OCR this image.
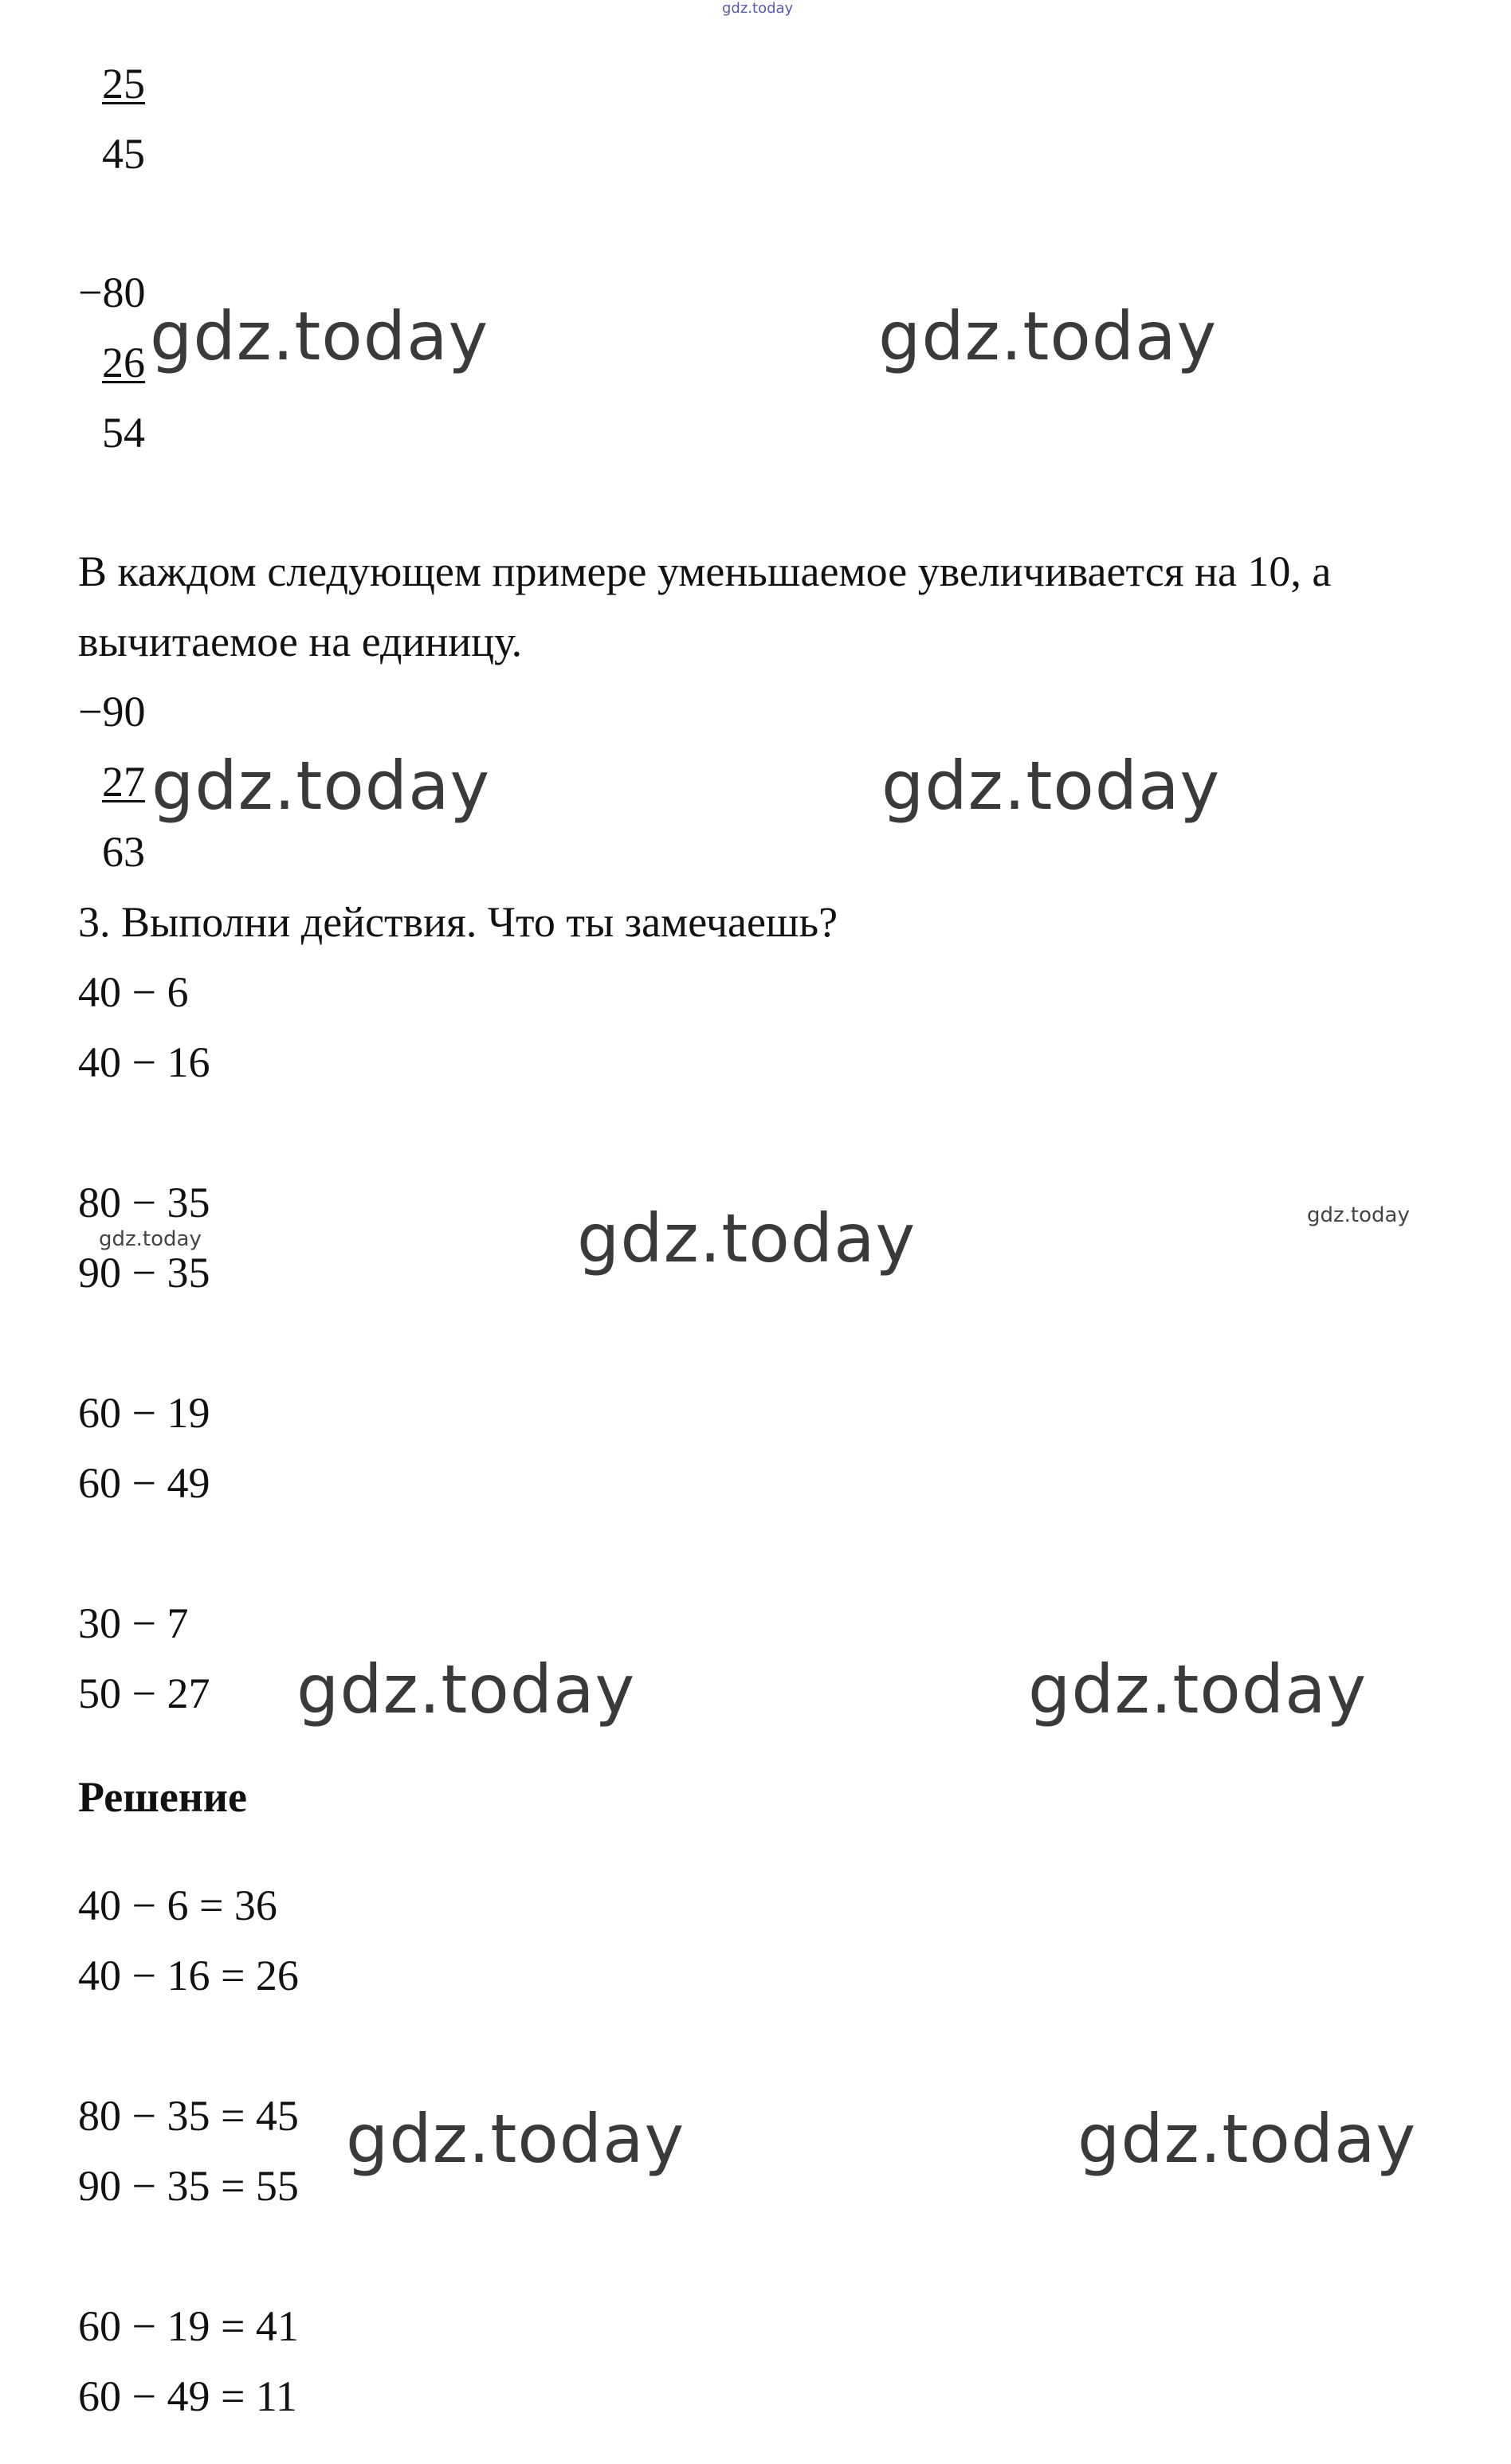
gdz.today
25
45
−80
26
54
gdz.today	gdz.today
В каждом следующем примере уменьшаемое увеличивается на 10, а
вычитаемое на единицу.
−90
27
63
gdz.today	gdz.today
3. Выполни действия. Что ты замечаешь?
40 − 6
40 − 16
80 − 35
90 − 35
60 − 19
60 − 49
30 − 7
50 − 27
gdz.today	gdz.today	gdz.today
gdz.today	gdz.today
Решение
40 − 6 = 36
40 − 16 = 26
80 − 35 = 45
90 − 35 = 55
60 − 19 = 41
60 − 49 = 11
gdz.today	gdz.today
